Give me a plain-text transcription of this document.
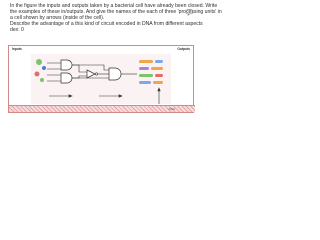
In the figure the inputs and outputs taken by a bacterial cell have already been closed. Write
the examples of these in/outputs. And give the names of the each of three 'processing units' in
a cell shown by arrows (inside of the cell).
Describe the advantage of a this kind of circuit encoded in DNA from different aspects
dex: 0
Inputs	Outputs
DNA
